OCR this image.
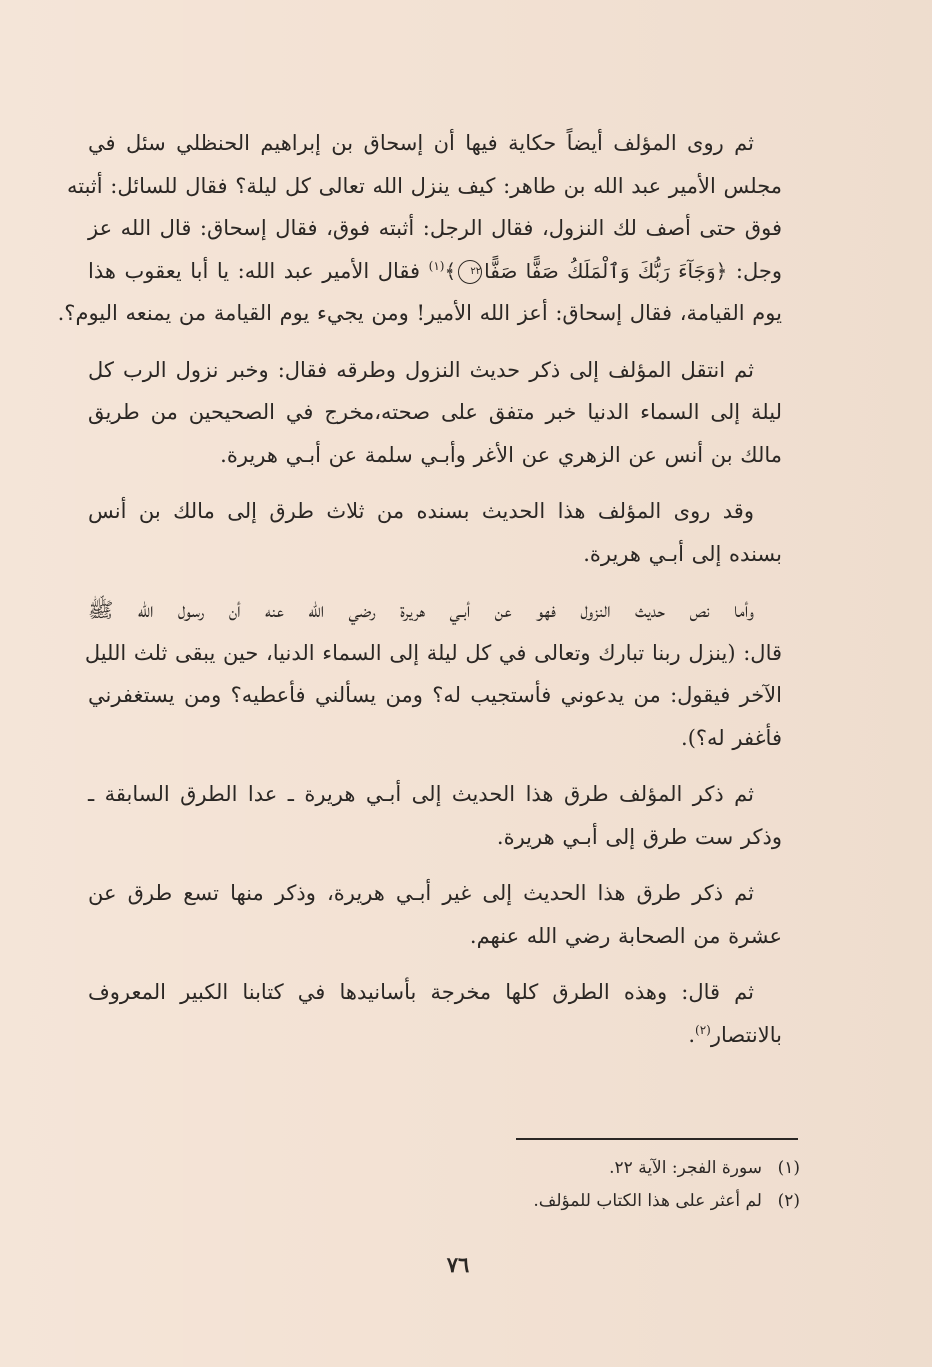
ثم روى المؤلف أيضاً حكاية فيها أن إسحاق بن إبراهيم الحنظلي سئل في
مجلس الأمير عبد الله بن طاهر: كيف ينزل الله تعالى كل ليلة؟ فقال للسائل: أثبته
فوق حتى أصف لك النزول، فقال الرجل: أثبته فوق، فقال إسحاق: قال الله عز
وجل: ﴿وَجَآءَ رَبُّكَ وَٱلْمَلَكُ صَفًّا صَفًّا٢٢﴾$^{(١)}$ فقال الأمير عبد الله: يا أبا يعقوب هذا
يوم القيامة، فقال إسحاق: أعز الله الأمير! ومن يجيء يوم القيامة من يمنعه اليوم؟.

ثم انتقل المؤلف إلى ذكر حديث النزول وطرقه فقال: وخبر نزول الرب كل
ليلة إلى السماء الدنيا خبر متفق على صحته،مخرج في الصحيحين من طريق
مالك بن أنس عن الزهري عن الأغر وأبـي سلمة عن أبـي هريرة.

وقد روى المؤلف هذا الحديث بسنده من ثلاث طرق إلى مالك بن أنس
بسنده إلى أبـي هريرة.

وأما نص حديث النزول فهو عن أبـي هريرة رضي الله عنه أن رسول الله ﷺ
قال: (ينزل ربنا تبارك وتعالى في كل ليلة إلى السماء الدنيا، حين يبقى ثلث الليل
الآخر فيقول: من يدعوني فأستجيب له؟ ومن يسألني فأعطيه؟ ومن يستغفرني
فأغفر له؟).

ثم ذكر المؤلف طرق هذا الحديث إلى أبـي هريرة ـ عدا الطرق السابقة ـ
وذكر ست طرق إلى أبـي هريرة.

ثم ذكر طرق هذا الحديث إلى غير أبـي هريرة، وذكر منها تسع طرق عن
عشرة من الصحابة رضي الله عنهم.

ثم قال: وهذه الطرق كلها مخرجة بأسانيدها في كتابنا الكبير المعروف
بالانتصار$^{(٢)}$.

(١)سورة الفجر: الآية ٢٢.
(٢)لم أعثر على هذا الكتاب للمؤلف.
٧٦
